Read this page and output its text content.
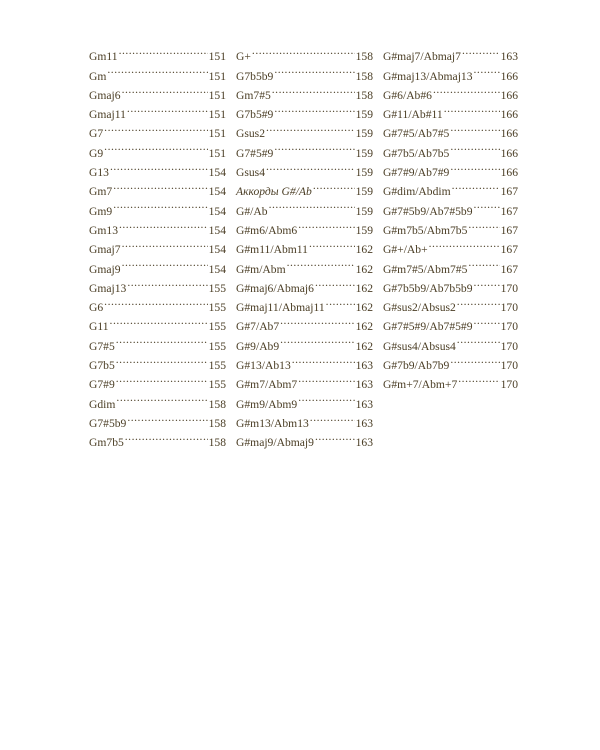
Gm11 .....	151
Gm .....	151
Gmaj6 .....	151
Gmaj11 .....	151
G7 .....	151
G9 .....	151
G13 .....	154
Gm7 .....	154
Gm9 .....	154
Gm13 .....	154
Gmaj7 .....	154
Gmaj9 .....	154
Gmaj13 .....	155
G6 .....	155
G11 .....	155
G7#5 .....	155
G7b5 .....	155
G7#9 .....	155
Gdim .....	158
G7#5b9 .....	158
Gm7b5 .....	158
G+ .....	158
G7b5b9 .....	158
Gm7#5 .....	158
G7b5#9 .....	159
Gsus2 .....	159
G7#5#9 .....	159
Gsus4 .....	159
Аккорды G#/Ab .....	159
G#/Ab .....	159
G#m6/Abm6 .....	159
G#m11/Abm11 .....	162
G#m/Abm .....	162
G#maj6/Abmaj6 .....	162
G#maj11/Abmaj11 .....	162
G#7/Ab7 .....	162
G#9/Ab9 .....	162
G#13/Ab13 .....	163
G#m7/Abm7 .....	163
G#m9/Abm9 .....	163
G#m13/Abm13 .....	163
G#maj9/Abmaj9 .....	163
G#maj7/Abmaj7 .....	163
G#maj13/Abmaj13 ..... 166
G#6/Ab#6 .....	166
G#11/Ab#11 .....	166
G#7#5/Ab7#5 .....	166
G#7b5/Ab7b5 .....	166
G#7#9/Ab7#9 .....	166
G#dim/Abdim .....	167
G#7#5b9/Ab7#5b9 ..... 167
G#m7b5/Abm7b5 .....	167
G#+/Ab+ .....	167
G#m7#5/Abm7#5 .....	167
G#7b5b9/Ab7b5b9 ..... 170
G#sus2/Absus2 .....	170
G#7#5#9/Ab7#5#9 ..... 170
G#sus4/Absus4 .....	170
G#7b9/Ab7b9 .....	170
G#m+7/Abm+7 .....	170
